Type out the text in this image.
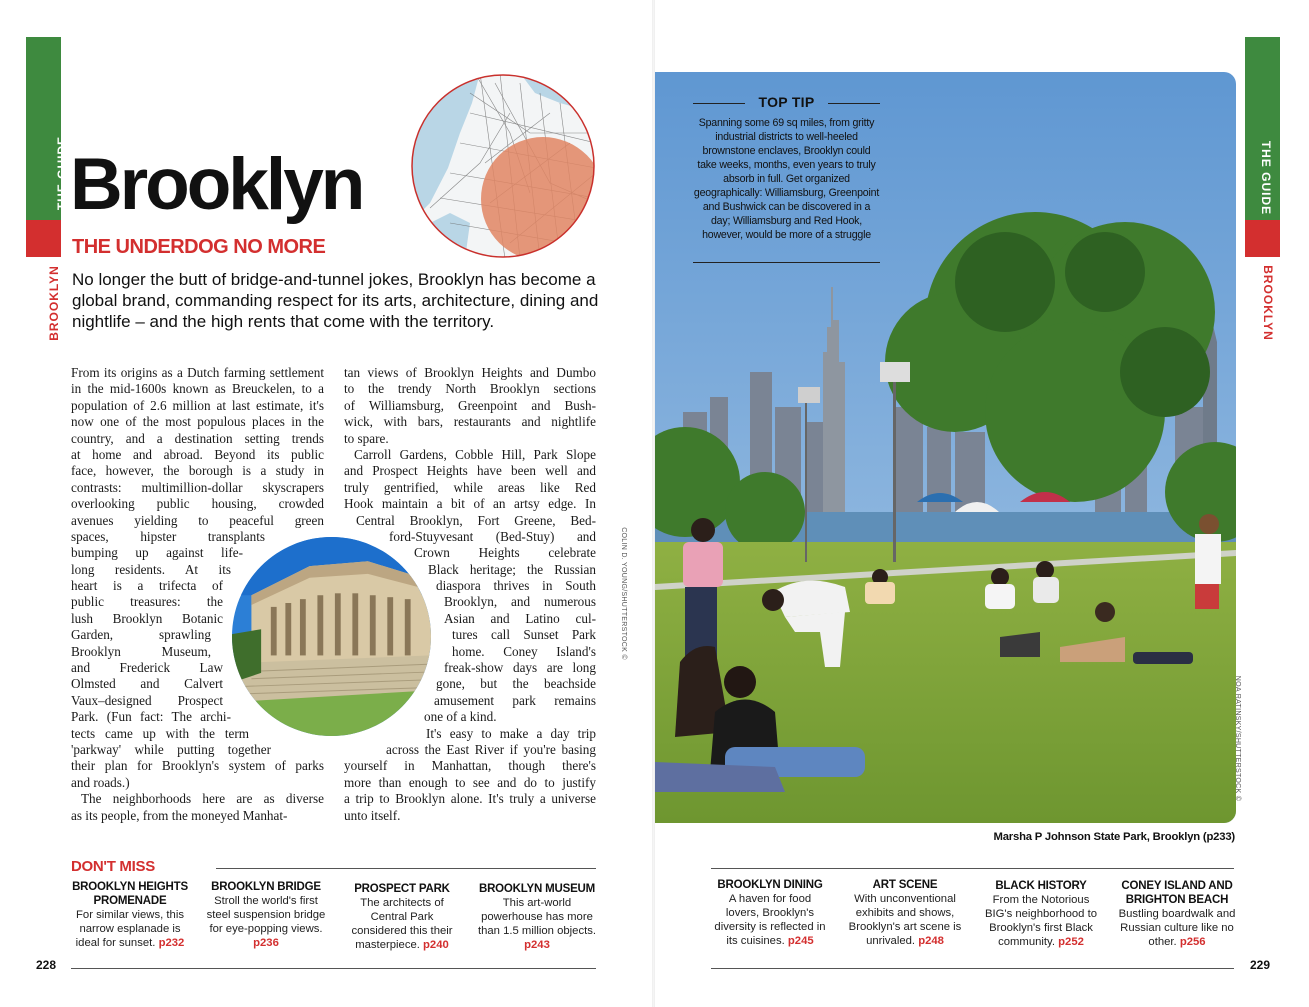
THE GUIDE
BROOKLYN
THE GUIDE
BROOKLYN
Brooklyn
THE UNDERDOG NO MORE
No longer the butt of bridge-and-tunnel jokes, Brooklyn has become a global brand, commanding respect for its arts, architecture, dining and nightlife – and the high rents that come with the territory.
From its origins as a Dutch farming settlement
in the mid-1600s known as Breuckelen, to a
population of 2.6 million at last estimate, it's
now one of the most populous places in the
country, and a destination setting trends
at home and abroad. Beyond its public
face, however, the borough is a study in
contrasts: multimillion-dollar skyscrapers
overlooking public housing, crowded
avenues yielding to peaceful green
spaces, hipster transplants
bumping up against life-
long residents. At its
heart is a trifecta of
public treasures: the
lush Brooklyn Botanic
Garden, sprawling
Brooklyn Museum,
and Frederick Law
Olmsted and Calvert
Vaux–designed Prospect
Park. (Fun fact: The archi-
tects came up with the term
'parkway' while putting together
their plan for Brooklyn's system of parks
and roads.)
The neighborhoods here are as diverse
as its people, from the moneyed Manhat-
tan views of Brooklyn Heights and Dumbo
to the trendy North Brooklyn sections
of Williamsburg, Greenpoint and Bush-
wick, with bars, restaurants and nightlife
to spare.
Carroll Gardens, Cobble Hill, Park Slope
and Prospect Heights have been well and
truly gentrified, while areas like Red
Hook maintain a bit of an artsy edge. In
Central Brooklyn, Fort Greene, Bed-
ford-Stuyvesant (Bed-Stuy) and
Crown Heights celebrate
Black heritage; the Russian
diaspora thrives in South
Brooklyn, and numerous
Asian and Latino cul-
tures call Sunset Park
home. Coney Island's
freak-show days are long
gone, but the beachside
amusement park remains
one of a kind.
It's easy to make a day trip
across the East River if you're basing
yourself in Manhattan, though there's
more than enough to see and do to justify
a trip to Brooklyn alone. It's truly a universe
unto itself.
COLIN D. YOUNG/SHUTTERSTOCK ©
DON'T MISS
BROOKLYN HEIGHTS PROMENADE
For similar views, this narrow esplanade is ideal for sunset. p232
BROOKLYN BRIDGE
Stroll the world's first steel suspension bridge for eye-popping views. p236
PROSPECT PARK
The architects of Central Park considered this their masterpiece. p240
BROOKLYN MUSEUM
This art-world powerhouse has more than 1.5 million objects. p243
228
NOA RATINSKY/SHUTTERSTOCK ©
TOP TIP
Spanning some 69 sq miles, from gritty industrial districts to well-heeled brownstone enclaves, Brooklyn could take weeks, months, even years to truly absorb in full. Get organized geographically: Williamsburg, Greenpoint and Bushwick can be discovered in a day; Williamsburg and Red Hook, however, would be more of a struggle
Marsha P Johnson State Park, Brooklyn (p233)
BROOKLYN DINING
A haven for food lovers, Brooklyn's diversity is reflected in its cuisines. p245
ART SCENE
With unconventional exhibits and shows, Brooklyn's art scene is unrivaled. p248
BLACK HISTORY
From the Notorious BIG's neighborhood to Brooklyn's first Black community. p252
CONEY ISLAND AND BRIGHTON BEACH
Bustling boardwalk and Russian culture like no other. p256
229
